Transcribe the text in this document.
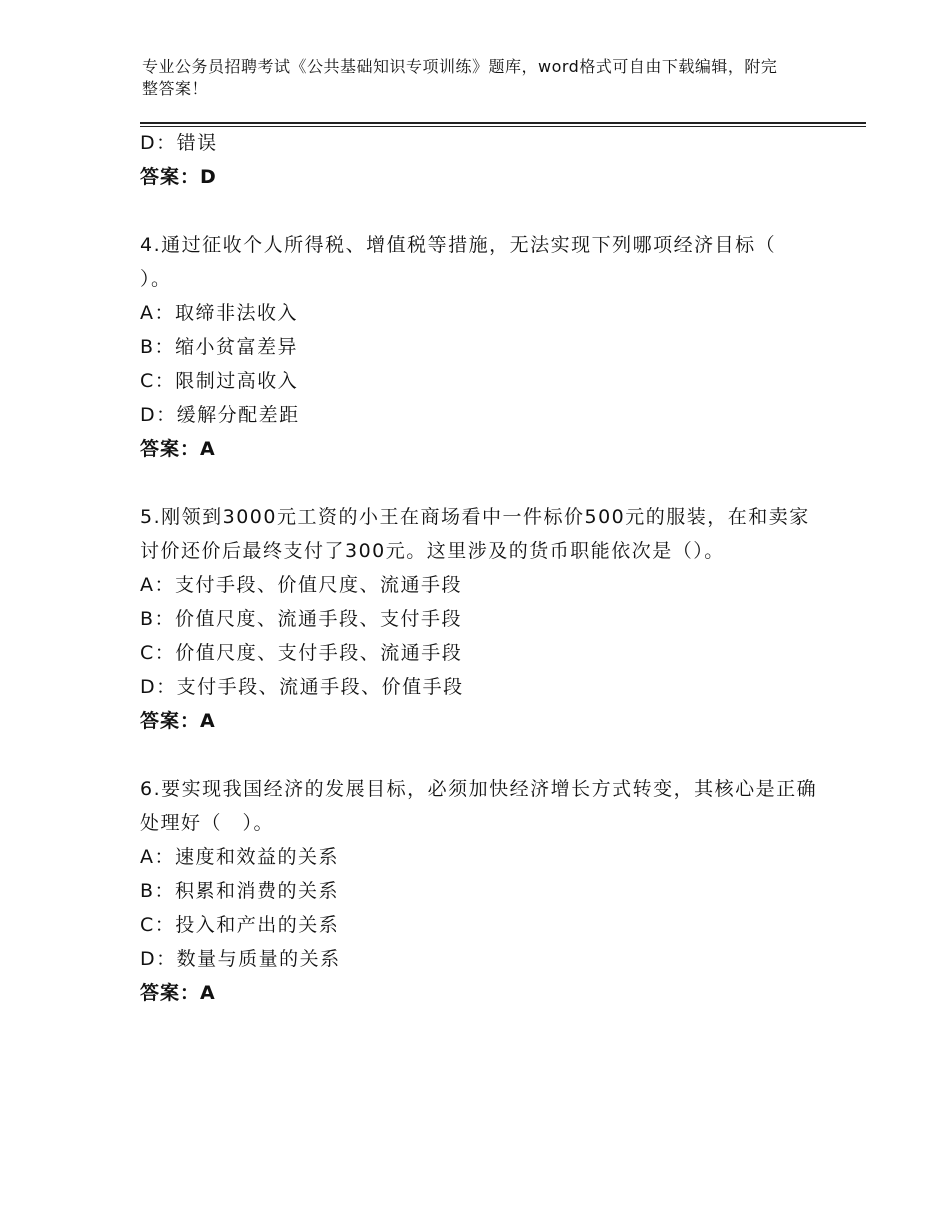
专业公务员招聘考试《公共基础知识专项训练》题库，word格式可自由下载编辑，附完整答案！
D：错误
答案：D
4.通过征收个人所得税、增值税等措施，无法实现下列哪项经济目标（　　）。
A：取缔非法收入
B：缩小贫富差异
C：限制过高收入
D：缓解分配差距
答案：A
5.刚领到3000元工资的小王在商场看中一件标价500元的服装，在和卖家讨价还价后最终支付了300元。这里涉及的货币职能依次是（）。
A：支付手段、价值尺度、流通手段
B：价值尺度、流通手段、支付手段
C：价值尺度、支付手段、流通手段
D：支付手段、流通手段、价值手段
答案：A
6.要实现我国经济的发展目标，必须加快经济增长方式转变，其核心是正确处理好（　）。
A：速度和效益的关系
B：积累和消费的关系
C：投入和产出的关系
D：数量与质量的关系
答案：A
